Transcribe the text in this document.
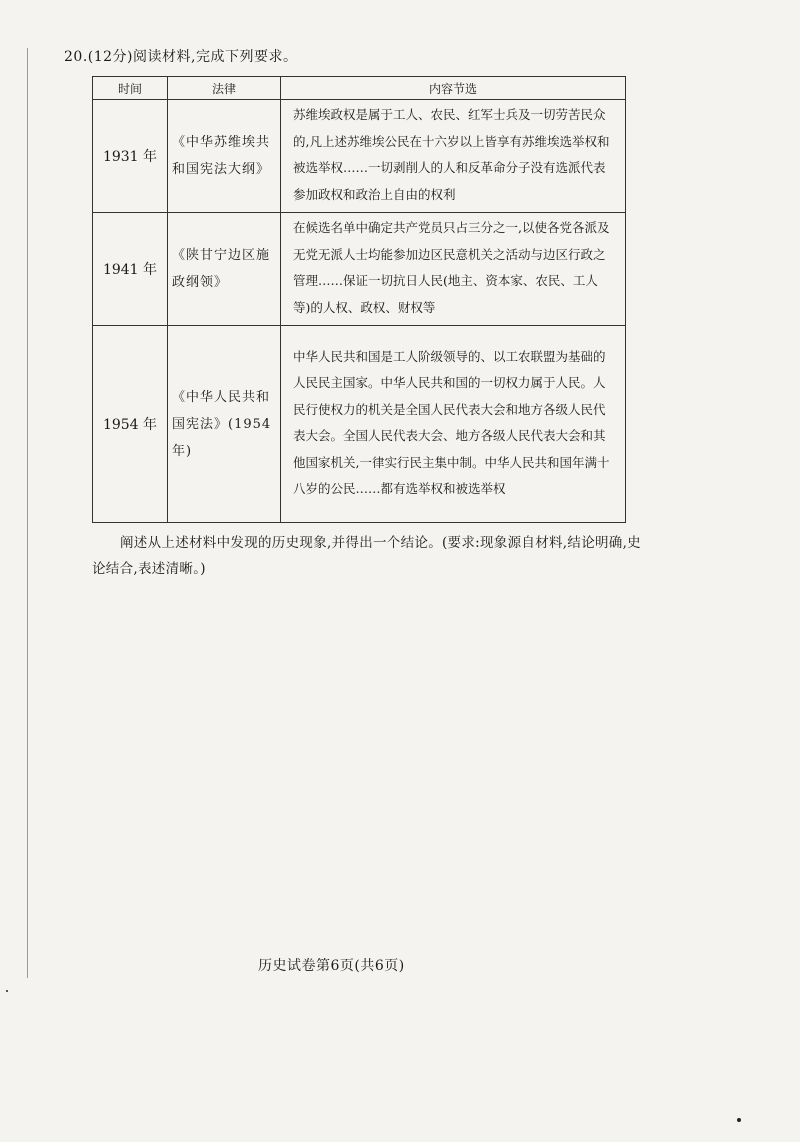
20.(12分)阅读材料,完成下列要求。
时间	法律	内容节选
1931 年	《中华苏维埃共和国宪法大纲》	苏维埃政权是属于工人、农民、红军士兵及一切劳苦民众的,凡上述苏维埃公民在十六岁以上皆享有苏维埃选举权和被选举权……一切剥削人的人和反革命分子没有选派代表参加政权和政治上自由的权利
1941 年	《陕甘宁边区施政纲领》	在候选名单中确定共产党员只占三分之一,以使各党各派及无党无派人士均能参加边区民意机关之活动与边区行政之管理……保证一切抗日人民(地主、资本家、农民、工人等)的人权、政权、财权等
1954 年	《中华人民共和国宪法》(1954年)	中华人民共和国是工人阶级领导的、以工农联盟为基础的人民民主国家。中华人民共和国的一切权力属于人民。人民行使权力的机关是全国人民代表大会和地方各级人民代表大会。全国人民代表大会、地方各级人民代表大会和其他国家机关,一律实行民主集中制。中华人民共和国年满十八岁的公民……都有选举权和被选举权
阐述从上述材料中发现的历史现象,并得出一个结论。(要求:现象源自材料,结论明确,史论结合,表述清晰。)
历史试卷第6页(共6页)
